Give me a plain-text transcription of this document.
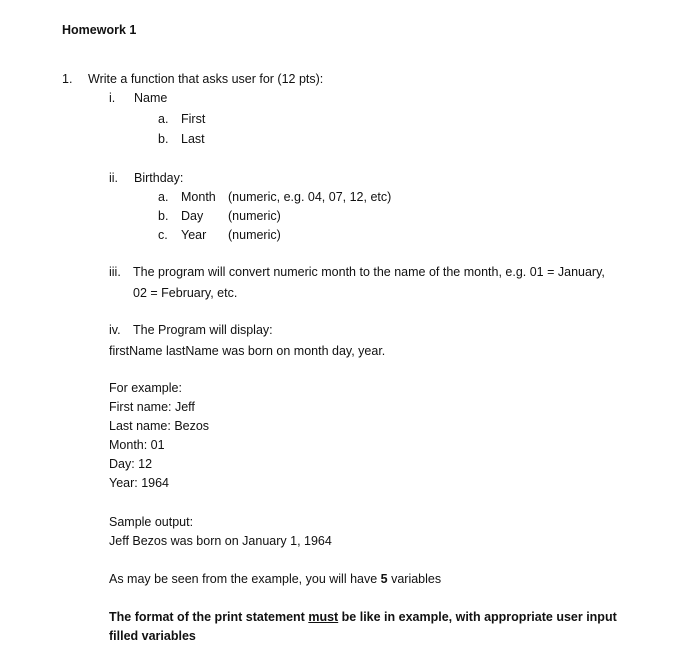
Homework 1
1. Write a function that asks user for (12 pts):
i. Name
a. First
b. Last
ii. Birthday:
a. Month (numeric, e.g. 04, 07, 12, etc)
b. Day (numeric)
c. Year (numeric)
iii. The program will convert numeric month to the name of the month, e.g. 01 = January,
02 = February, etc.
iv. The Program will display:
firstName lastName was born on month day, year.
For example:
First name: Jeff
Last name: Bezos
Month: 01
Day: 12
Year: 1964
Sample output:
Jeff Bezos was born on January 1, 1964
As may be seen from the example, you will have 5 variables
The format of the print statement must be like in example, with appropriate user input
filled variables
